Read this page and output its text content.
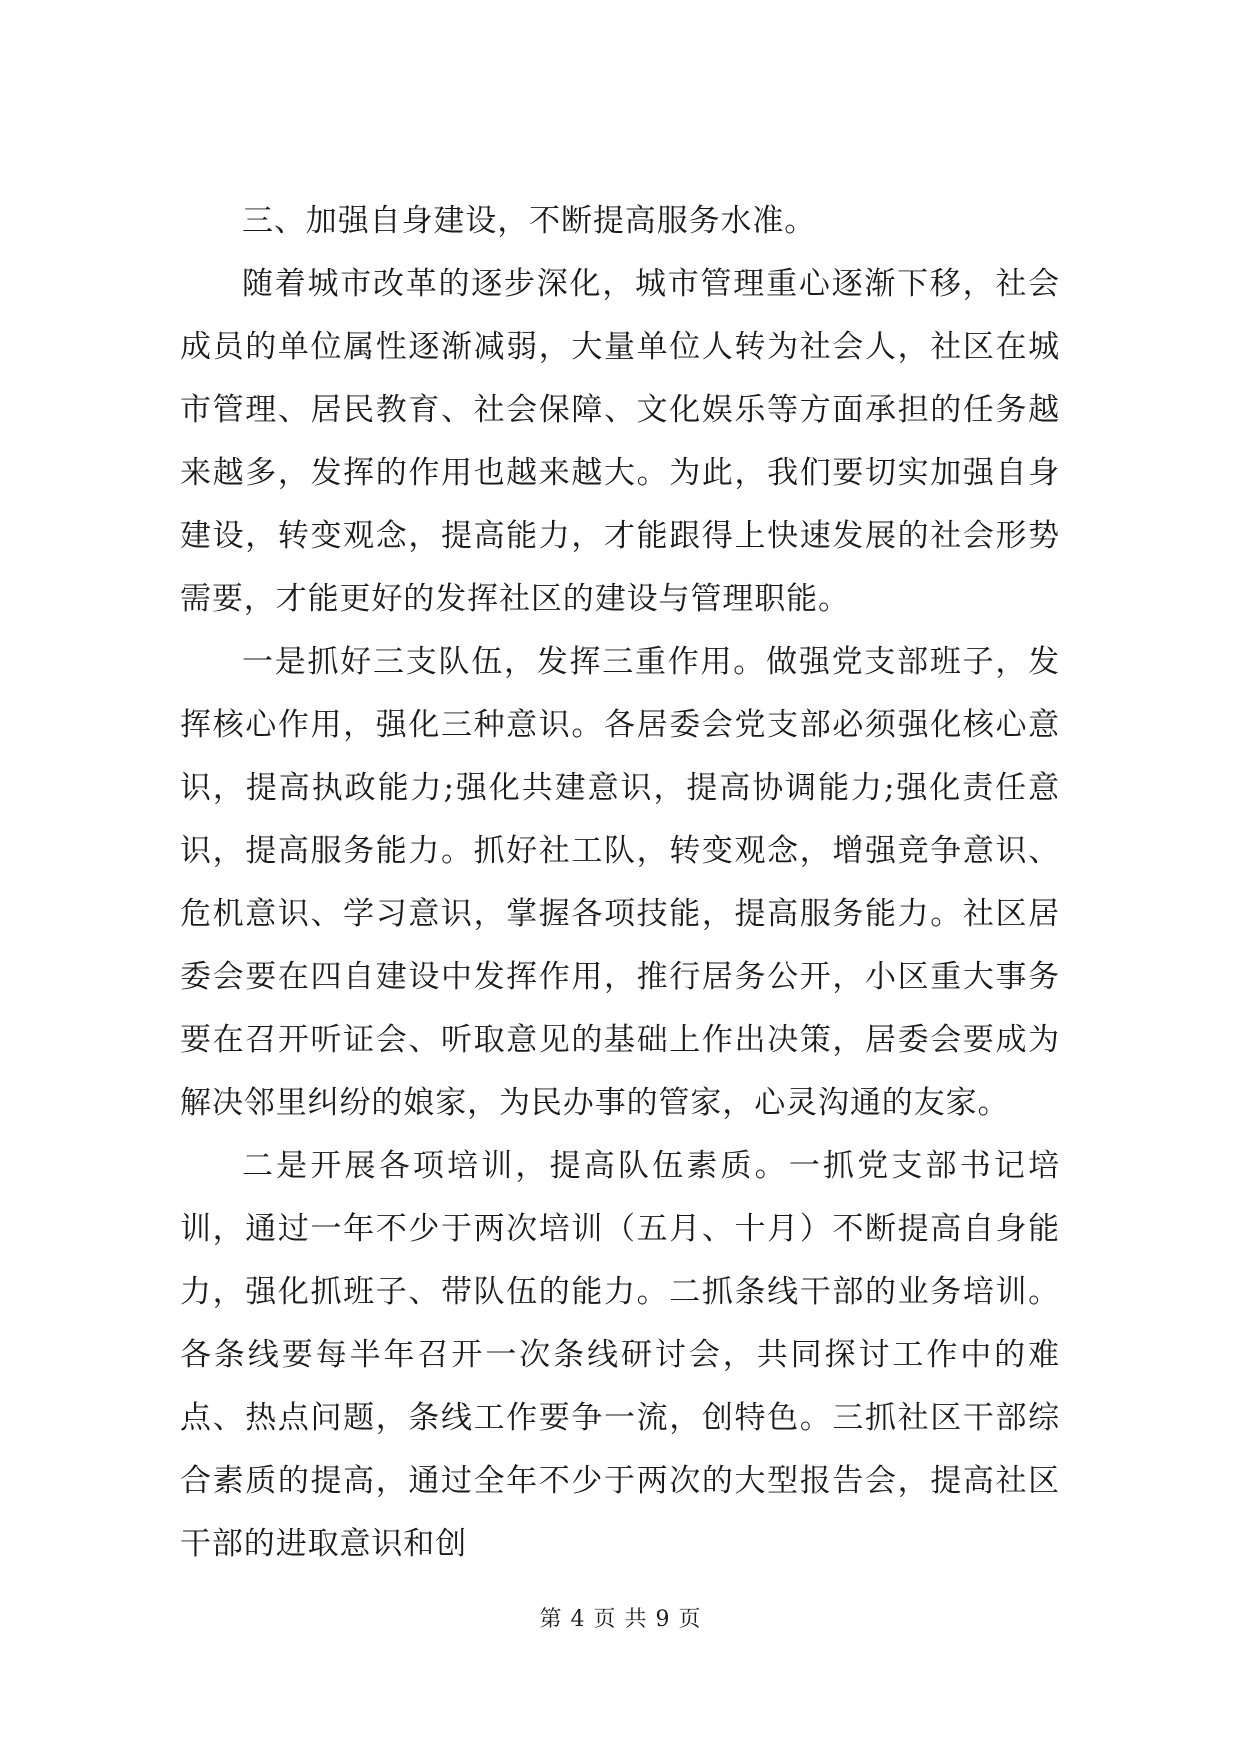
三、加强自身建设，不断提高服务水准。

随着城市改革的逐步深化，城市管理重心逐渐下移，社会成员的单位属性逐渐减弱，大量单位人转为社会人，社区在城市管理、居民教育、社会保障、文化娱乐等方面承担的任务越来越多，发挥的作用也越来越大。为此，我们要切实加强自身建设，转变观念，提高能力，才能跟得上快速发展的社会形势需要，才能更好的发挥社区的建设与管理职能。

一是抓好三支队伍，发挥三重作用。做强党支部班子，发挥核心作用，强化三种意识。各居委会党支部必须强化核心意识，提高执政能力;强化共建意识，提高协调能力;强化责任意识，提高服务能力。抓好社工队，转变观念，增强竞争意识、危机意识、学习意识，掌握各项技能，提高服务能力。社区居委会要在四自建设中发挥作用，推行居务公开，小区重大事务要在召开听证会、听取意见的基础上作出决策，居委会要成为解决邻里纠纷的娘家，为民办事的管家，心灵沟通的友家。

二是开展各项培训，提高队伍素质。一抓党支部书记培训，通过一年不少于两次培训（五月、十月）不断提高自身能力，强化抓班子、带队伍的能力。二抓条线干部的业务培训。各条线要每半年召开一次条线研讨会，共同探讨工作中的难点、热点问题，条线工作要争一流，创特色。三抓社区干部综合素质的提高，通过全年不少于两次的大型报告会，提高社区干部的进取意识和创

第 4 页 共 9 页
